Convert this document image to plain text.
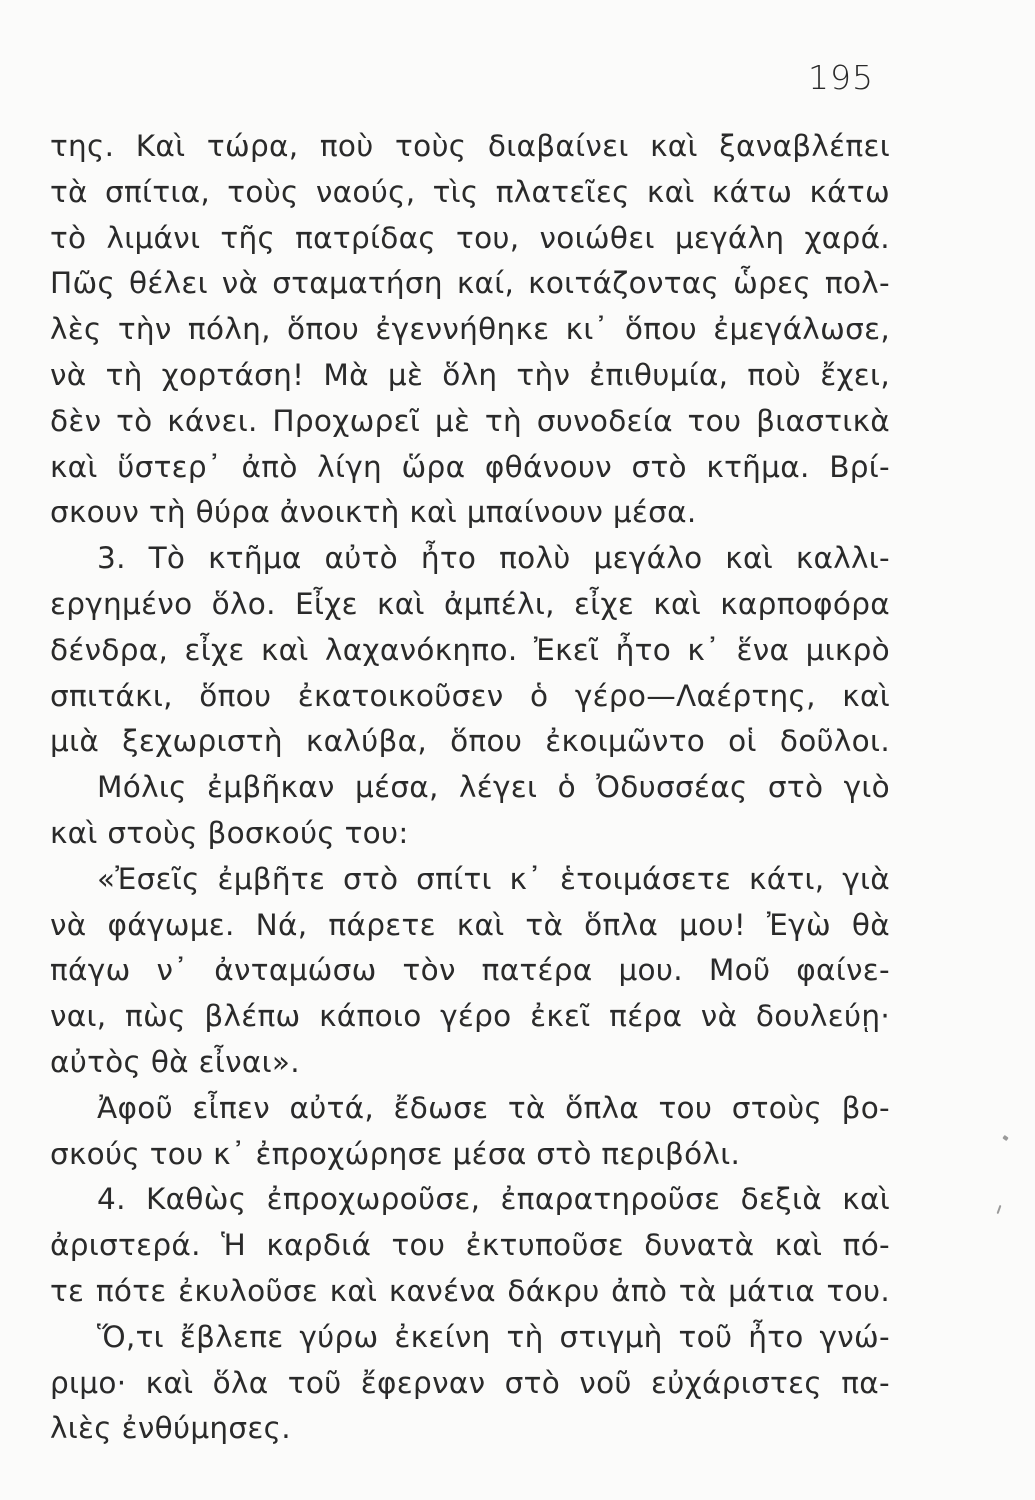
195
της. Καὶ τώρα, ποὺ τοὺς διαβαίνει καὶ ξαναβλέπει
τὰ σπίτια, τοὺς ναούς, τὶς πλατεῖες καὶ κάτω κάτω
τὸ λιμάνι τῆς πατρίδας του, νοιώθει μεγάλη χαρά.
Πῶς θέλει νὰ σταματήση καί, κοιτάζοντας ὧρες πολ-
λὲς τὴν πόλη, ὅπου ἐγεννήθηκε κι᾽ ὅπου ἐμεγάλωσε,
νὰ τὴ χορτάση! Μὰ μὲ ὅλη τὴν ἐπιθυμία, ποὺ ἔχει,
δὲν τὸ κάνει. Προχωρεῖ μὲ τὴ συνοδεία του βιαστικὰ
καὶ ὕστερ᾽ ἀπὸ λίγη ὥρα φθάνουν στὸ κτῆμα. Βρί-
σκουν τὴ θύρα ἀνοικτὴ καὶ μπαίνουν μέσα.
3. Τὸ κτῆμα αὐτὸ ἦτο πολὺ μεγάλο καὶ καλλι-
εργημένο ὅλο. Εἶχε καὶ ἀμπέλι, εἶχε καὶ καρποφόρα
δένδρα, εἶχε καὶ λαχανόκηπο. Ἐκεῖ ἦτο κ᾽ ἕνα μικρὸ
σπιτάκι, ὅπου ἐκατοικοῦσεν ὁ γέρο—Λαέρτης, καὶ
μιὰ ξεχωριστὴ καλύβα, ὅπου ἐκοιμῶντο οἱ δοῦλοι.
Μόλις ἐμβῆκαν μέσα, λέγει ὁ Ὀδυσσέας στὸ γιὸ
καὶ στοὺς βοσκούς του:
«Ἐσεῖς ἐμβῆτε στὸ σπίτι κ᾽ ἑτοιμάσετε κάτι, γιὰ
νὰ φάγωμε. Νά, πάρετε καὶ τὰ ὅπλα μου! Ἐγὼ θὰ
πάγω ν᾽ ἀνταμώσω τὸν πατέρα μου. Μοῦ φαίνε-
ναι, πὼς βλέπω κάποιο γέρο ἐκεῖ πέρα νὰ δουλεύῃ·
αὐτὸς θὰ εἶναι».
Ἀφοῦ εἶπεν αὐτά, ἔδωσε τὰ ὅπλα του στοὺς βο-
σκούς του κ᾽ ἐπροχώρησε μέσα στὸ περιβόλι.
4. Καθὼς ἐπροχωροῦσε, ἐπαρατηροῦσε δεξιὰ καὶ
ἀριστερά. Ἡ καρδιά του ἐκτυποῦσε δυνατὰ καὶ πό-
τε πότε ἐκυλοῦσε καὶ κανένα δάκρυ ἀπὸ τὰ μάτια του.
Ὅ,τι ἔβλεπε γύρω ἐκείνη τὴ στιγμὴ τοῦ ἦτο γνώ-
ριμο· καὶ ὅλα τοῦ ἔφερναν στὸ νοῦ εὐχάριστες πα-
λιὲς ἐνθύμησες.
